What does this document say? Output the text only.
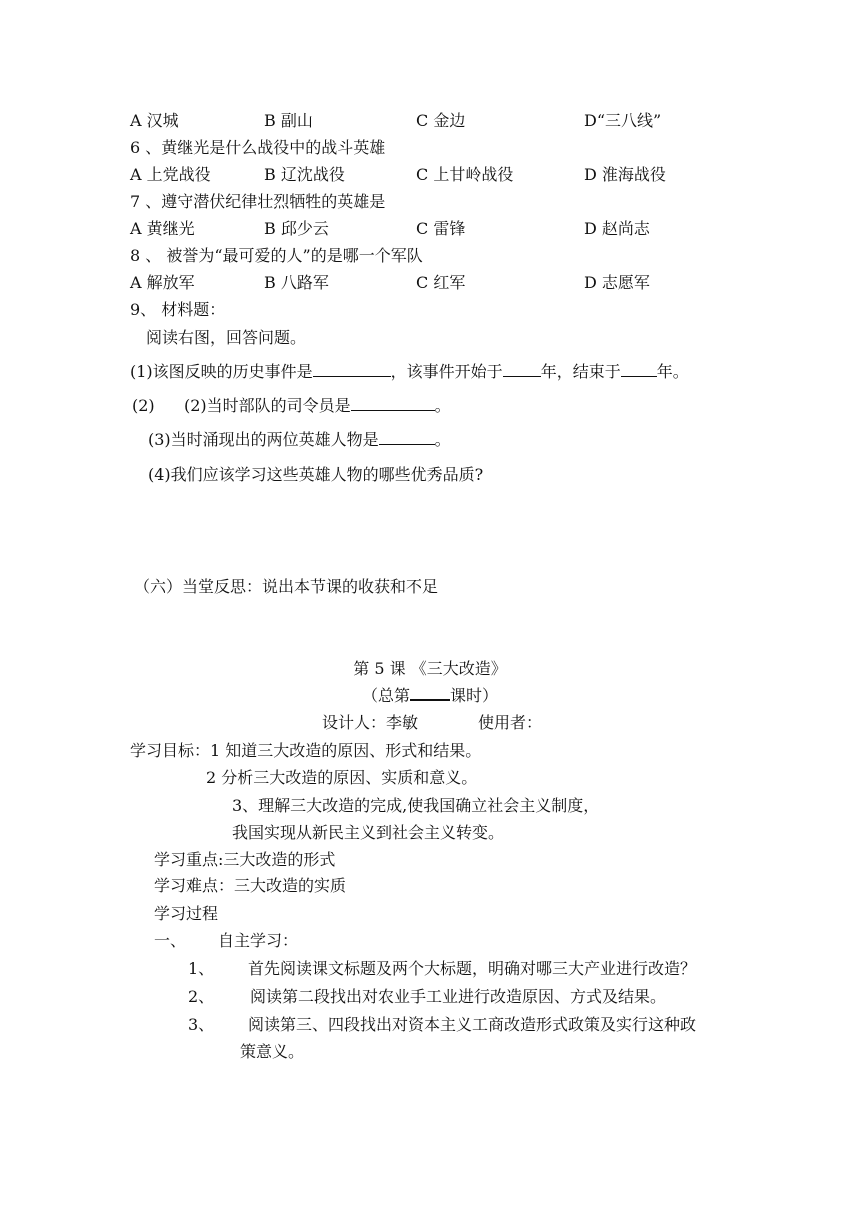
A 汉城	B 副山	C 金边	D“三八线”
6 、黄继光是什么战役中的战斗英雄
A 上党战役	B 辽沈战役	C 上甘岭战役	D 淮海战役
7 、遵守潜伏纪律壮烈牺牲的英雄是
A 黄继光	B 邱少云	C 雷锋	D 赵尚志
8 、 被誉为“最可爱的人”的是哪一个军队
A 解放军	B 八路军	C 红军	D 志愿军
9、 材料题：
阅读右图，回答问题。
(1)该图反映的历史事件是	，该事件开始于 年，结束于 年。
(2) (2)当时部队的司令员是	。
(3)当时涌现出的两位英雄人物是	。
(4)我们应该学习这些英雄人物的哪些优秀品质?
（六）当堂反思：说出本节课的收获和不足
第 5 课 《三大改造》
（总第	课时）
设计人：李敏	使用者：
学习目标：1 知道三大改造的原因、形式和结果。
2 分析三大改造的原因、实质和意义。
3、理解三大改造的完成,使我国确立社会主义制度，
我国实现从新民主义到社会主义转变。
学习重点:三大改造的形式
学习难点：三大改造的实质
学习过程
一、 自主学习：
1、 首先阅读课文标题及两个大标题，明确对哪三大产业进行改造？
2、 阅读第二段找出对农业手工业进行改造原因、方式及结果。
3、 阅读第三、四段找出对资本主义工商改造形式政策及实行这种政
策意义。
